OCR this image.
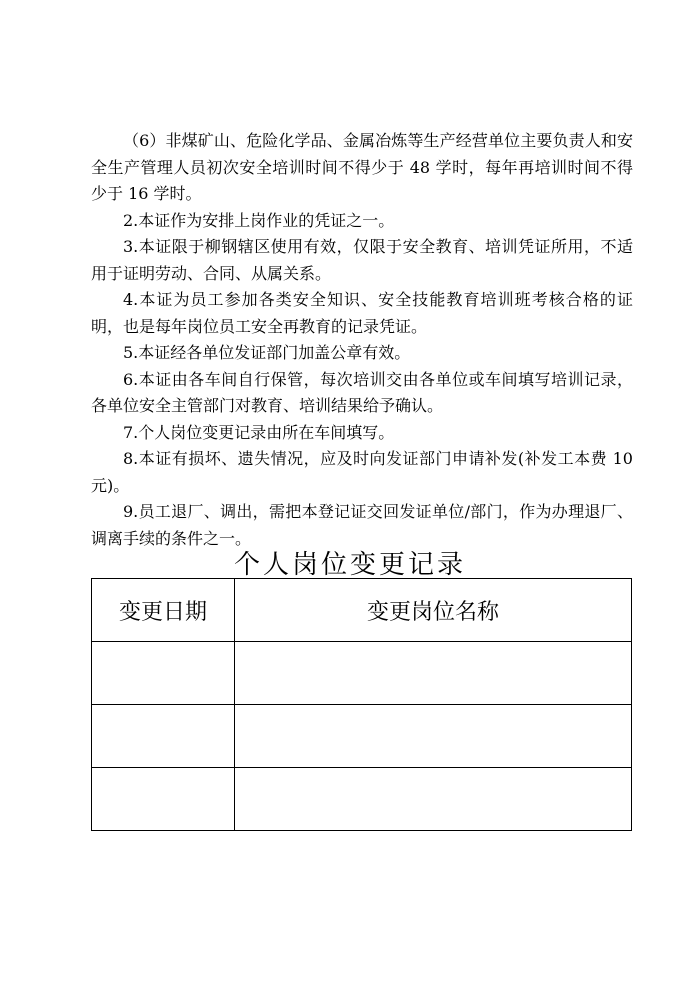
（6）非煤矿山、危险化学品、金属冶炼等生产经营单位主要负责人和安全生产管理人员初次安全培训时间不得少于 48 学时，每年再培训时间不得少于 16 学时。

2.本证作为安排上岗作业的凭证之一。

3.本证限于柳钢辖区使用有效，仅限于安全教育、培训凭证所用，不适用于证明劳动、合同、从属关系。

4.本证为员工参加各类安全知识、安全技能教育培训班考核合格的证明，也是每年岗位员工安全再教育的记录凭证。

5.本证经各单位发证部门加盖公章有效。

6.本证由各车间自行保管，每次培训交由各单位或车间填写培训记录，各单位安全主管部门对教育、培训结果给予确认。

7.个人岗位变更记录由所在车间填写。

8.本证有损坏、遗失情况，应及时向发证部门申请补发(补发工本费 10 元)。

9.员工退厂、调出，需把本登记证交回发证单位/部门，作为办理退厂、调离手续的条件之一。

个人岗位变更记录
变更日期	变更岗位名称
